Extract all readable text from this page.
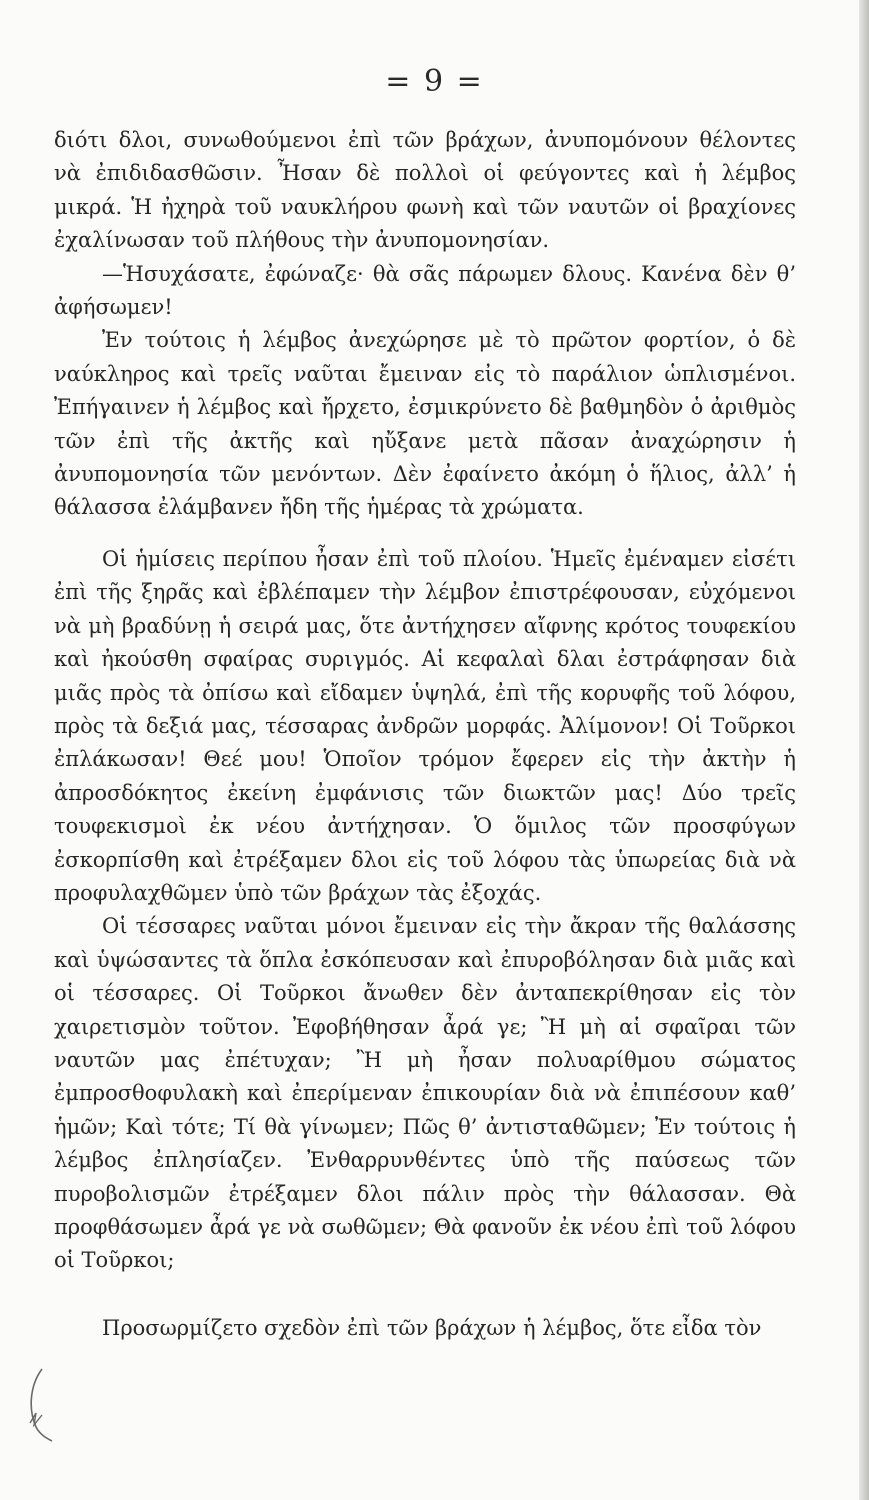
= 9 =

διότι δλοι, συνωθούμενοι ἐπὶ τῶν βράχων, ἀνυπομόνουν θέλοντες νὰ ἐπιδιδασθῶσιν. Ἦσαν δὲ πολλοὶ οἱ φεύγοντες καὶ ἡ λέμβος μικρά. Ἡ ἠχηρὰ τοῦ ναυκλήρου φωνὴ καὶ τῶν ναυτῶν οἱ βραχίονες ἐχαλίνωσαν τοῦ πλήθους τὴν ἀνυπομονησίαν.

—Ἡσυχάσατε, ἐφώναζε· θὰ σᾶς πάρωμεν δλους. Κανένα δὲν θ’ ἀφήσωμεν!

Ἐν τούτοις ἡ λέμβος ἀνεχώρησε μὲ τὸ πρῶτον φορτίον, ὁ δὲ ναύκληρος καὶ τρεῖς ναῦται ἔμειναν εἰς τὸ παράλιον ὡπλισμένοι. Ἐπήγαινεν ἡ λέμβος καὶ ἤρχετο, ἐσμικρύνετο δὲ βαθμηδὸν ὁ ἀριθμὸς τῶν ἐπὶ τῆς ἀκτῆς καὶ ηὔξανε μετὰ πᾶσαν ἀναχώρησιν ἡ ἀνυπομονησία τῶν μενόντων. Δὲν ἐφαίνετο ἀκόμη ὁ ἥλιος, ἀλλ’ ἡ θάλασσα ἐλάμβανεν ἤδη τῆς ἡμέρας τὰ χρώματα.

Οἱ ἡμίσεις περίπου ἦσαν ἐπὶ τοῦ πλοίου. Ἡμεῖς ἐμέναμεν εἰσέτι ἐπὶ τῆς ξηρᾶς καὶ ἐβλέπαμεν τὴν λέμβον ἐπιστρέφουσαν, εὐχόμενοι νὰ μὴ βραδύνῃ ἡ σειρά μας, ὅτε ἀντήχησεν αἴφνης κρότος τουφεκίου καὶ ἠκούσθη σφαίρας συριγμός. Αἱ κεφαλαὶ δλαι ἐστράφησαν διὰ μιᾶς πρὸς τὰ ὀπίσω καὶ εἴδαμεν ὑψηλά, ἐπὶ τῆς κορυφῆς τοῦ λόφου, πρὸς τὰ δεξιά μας, τέσσαρας ἀνδρῶν μορφάς. Ἀλίμονον! Οἱ Τοῦρκοι ἐπλάκωσαν! Θεέ μου! Ὁποῖον τρόμον ἔφερεν εἰς τὴν ἀκτὴν ἡ ἀπροσδόκητος ἐκείνη ἐμφάνισις τῶν διωκτῶν μας! Δύο τρεῖς τουφεκισμοὶ ἐκ νέου ἀντήχησαν. Ὁ ὅμιλος τῶν προσφύγων ἐσκορπίσθη καὶ ἐτρέξαμεν δλοι εἰς τοῦ λόφου τὰς ὑπωρείας διὰ νὰ προφυλαχθῶμεν ὑπὸ τῶν βράχων τὰς ἐξοχάς.

Οἱ τέσσαρες ναῦται μόνοι ἔμειναν εἰς τὴν ἄκραν τῆς θαλάσσης καὶ ὑψώσαντες τὰ ὅπλα ἐσκόπευσαν καὶ ἐπυροβόλησαν διὰ μιᾶς καὶ οἱ τέσσαρες. Οἱ Τοῦρκοι ἄνωθεν δὲν ἀνταπεκρίθησαν εἰς τὸν χαιρετισμὸν τοῦτον. Ἐφοβήθησαν ἆρά γε; Ἢ μὴ αἱ σφαῖραι τῶν ναυτῶν μας ἐπέτυχαν; Ἢ μὴ ἦσαν πολυαρίθμου σώματος ἐμπροσθοφυλακὴ καὶ ἐπερίμεναν ἐπικουρίαν διὰ νὰ ἐπιπέσουν καθ’ ἡμῶν; Καὶ τότε; Τί θὰ γίνωμεν; Πῶς θ’ ἀντισταθῶμεν; Ἐν τούτοις ἡ λέμβος ἐπλησίαζεν. Ἐνθαρρυνθέντες ὑπὸ τῆς παύσεως τῶν πυροβολισμῶν ἐτρέξαμεν δλοι πάλιν πρὸς τὴν θάλασσαν. Θὰ προφθάσωμεν ἆρά γε νὰ σωθῶμεν; Θὰ φανοῦν ἐκ νέου ἐπὶ τοῦ λόφου οἱ Τοῦρκοι;

Προσωρμίζετο σχεδὸν ἐπὶ τῶν βράχων ἡ λέμβος, ὅτε εἶδα τὸν
